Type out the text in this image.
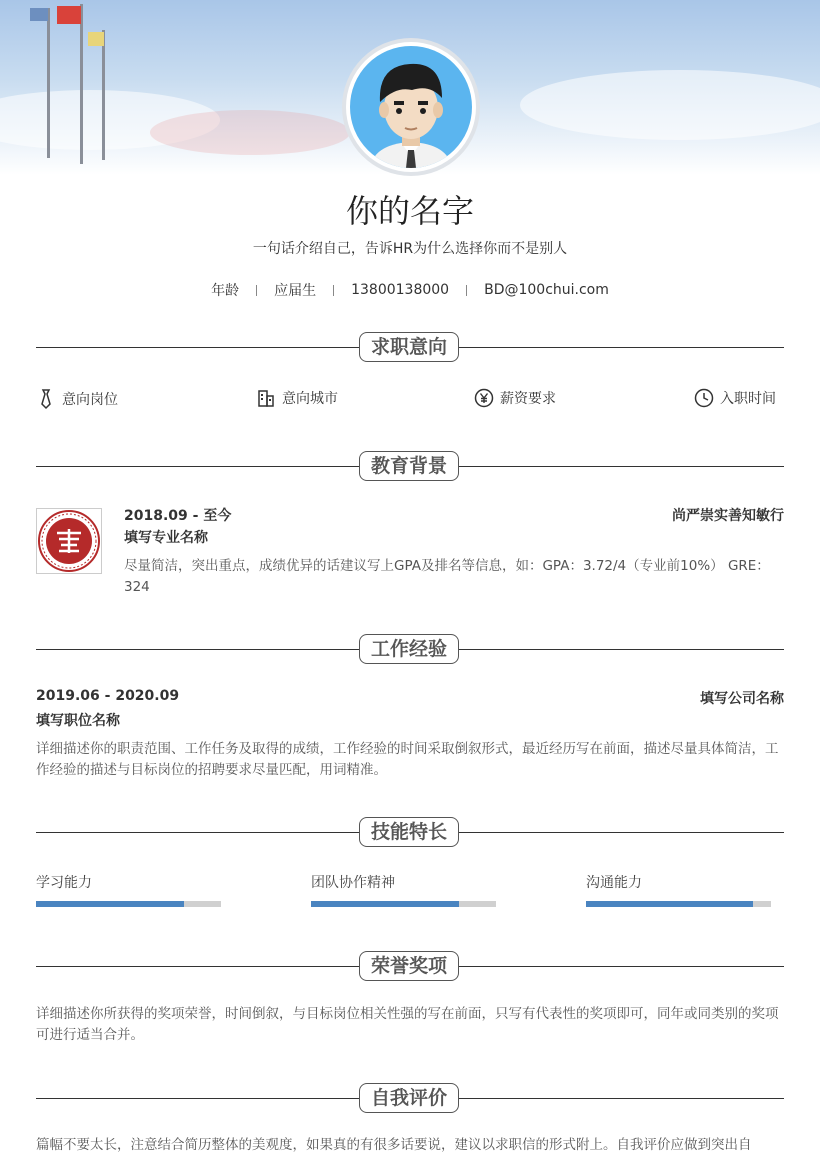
你的名字
一句话介绍自己，告诉HR为什么选择你而不是别人
年龄	应届生	13800138000	BD@100chui.com
求职意向
意向岗位	意向城市	薪资要求	入职时间
教育背景
2018.09 - 至今
填写专业名称
尚严崇实善知敏行
尽量简洁，突出重点，成绩优异的话建议写上GPA及排名等信息，如：GPA：3.72/4（专业前10%） GRE：324
工作经验
2019.06 - 2020.09
填写职位名称
填写公司名称
详细描述你的职责范围、工作任务及取得的成绩，工作经验的时间采取倒叙形式，最近经历写在前面，描述尽量具体简洁，工作经验的描述与目标岗位的招聘要求尽量匹配，用词精准。
技能特长
学习能力	团队协作精神	沟通能力
荣誉奖项
详细描述你所获得的奖项荣誉，时间倒叙，与目标岗位相关性强的写在前面，只写有代表性的奖项即可，同年或同类别的奖项可进行适当合并。
自我评价
篇幅不要太长，注意结合简历整体的美观度，如果真的有很多话要说，建议以求职信的形式附上。自我评价应做到突出自
